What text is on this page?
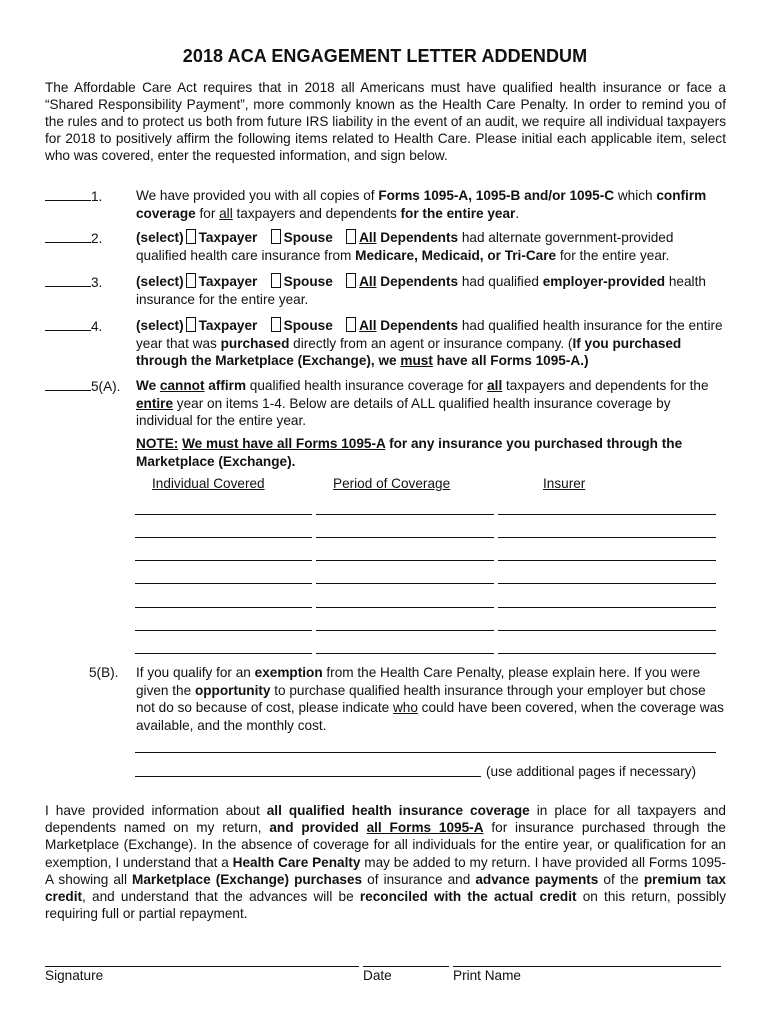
2018 ACA ENGAGEMENT LETTER ADDENDUM
The Affordable Care Act requires that in 2018 all Americans must have qualified health insurance or face a “Shared Responsibility Payment”, more commonly known as the Health Care Penalty. In order to remind you of the rules and to protect us both from future IRS liability in the event of an audit, we require all individual taxpayers for 2018 to positively affirm the following items related to Health Care. Please initial each applicable item, select who was covered, enter the requested information, and sign below.
1. We have provided you with all copies of Forms 1095-A, 1095-B and/or 1095-C which confirm coverage for all taxpayers and dependents for the entire year.
2. (select) Taxpayer Spouse All Dependents had alternate government-provided qualified health care insurance from Medicare, Medicaid, or Tri-Care for the entire year.
3. (select) Taxpayer Spouse All Dependents had qualified employer-provided health insurance for the entire year.
4. (select) Taxpayer Spouse All Dependents had qualified health insurance for the entire year that was purchased directly from an agent or insurance company. (If you purchased through the Marketplace (Exchange), we must have all Forms 1095-A.)
5(A). We cannot affirm qualified health insurance coverage for all taxpayers and dependents for the entire year on items 1-4. Below are details of ALL qualified health insurance coverage by individual for the entire year.
NOTE: We must have all Forms 1095-A for any insurance you purchased through the Marketplace (Exchange).
Individual Covered	Period of Coverage	Insurer
5(B). If you qualify for an exemption from the Health Care Penalty, please explain here. If you were given the opportunity to purchase qualified health insurance through your employer but chose not do so because of cost, please indicate who could have been covered, when the coverage was available, and the monthly cost.
(use additional pages if necessary)
I have provided information about all qualified health insurance coverage in place for all taxpayers and dependents named on my return, and provided all Forms 1095-A for insurance purchased through the Marketplace (Exchange). In the absence of coverage for all individuals for the entire year, or qualification for an exemption, I understand that a Health Care Penalty may be added to my return. I have provided all Forms 1095-A showing all Marketplace (Exchange) purchases of insurance and advance payments of the premium tax credit, and understand that the advances will be reconciled with the actual credit on this return, possibly requiring full or partial repayment.
Signature	Date	Print Name
